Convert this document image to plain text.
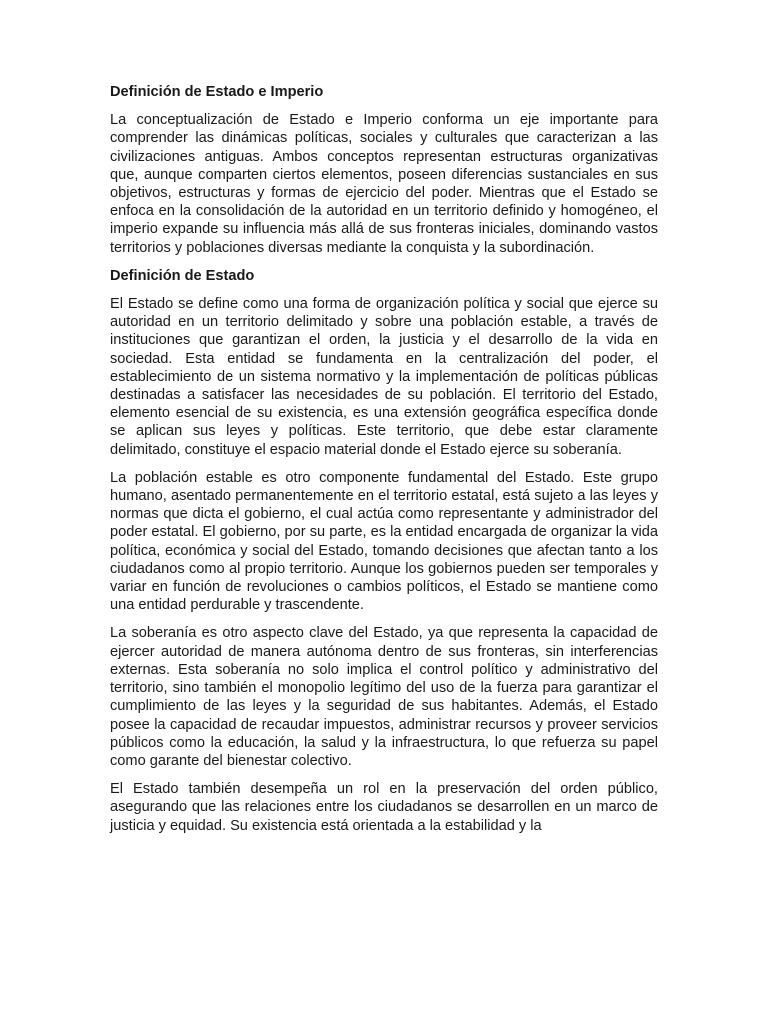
Definición de Estado e Imperio

La conceptualización de Estado e Imperio conforma un eje importante para comprender las dinámicas políticas, sociales y culturales que caracterizan a las civilizaciones antiguas. Ambos conceptos representan estructuras organizativas que, aunque comparten ciertos elementos, poseen diferencias sustanciales en sus objetivos, estructuras y formas de ejercicio del poder. Mientras que el Estado se enfoca en la consolidación de la autoridad en un territorio definido y homogéneo, el imperio expande su influencia más allá de sus fronteras iniciales, dominando vastos territorios y poblaciones diversas mediante la conquista y la subordinación.

Definición de Estado

El Estado se define como una forma de organización política y social que ejerce su autoridad en un territorio delimitado y sobre una población estable, a través de instituciones que garantizan el orden, la justicia y el desarrollo de la vida en sociedad. Esta entidad se fundamenta en la centralización del poder, el establecimiento de un sistema normativo y la implementación de políticas públicas destinadas a satisfacer las necesidades de su población. El territorio del Estado, elemento esencial de su existencia, es una extensión geográfica específica donde se aplican sus leyes y políticas. Este territorio, que debe estar claramente delimitado, constituye el espacio material donde el Estado ejerce su soberanía.

La población estable es otro componente fundamental del Estado. Este grupo humano, asentado permanentemente en el territorio estatal, está sujeto a las leyes y normas que dicta el gobierno, el cual actúa como representante y administrador del poder estatal. El gobierno, por su parte, es la entidad encargada de organizar la vida política, económica y social del Estado, tomando decisiones que afectan tanto a los ciudadanos como al propio territorio. Aunque los gobiernos pueden ser temporales y variar en función de revoluciones o cambios políticos, el Estado se mantiene como una entidad perdurable y trascendente.

La soberanía es otro aspecto clave del Estado, ya que representa la capacidad de ejercer autoridad de manera autónoma dentro de sus fronteras, sin interferencias externas. Esta soberanía no solo implica el control político y administrativo del territorio, sino también el monopolio legítimo del uso de la fuerza para garantizar el cumplimiento de las leyes y la seguridad de sus habitantes. Además, el Estado posee la capacidad de recaudar impuestos, administrar recursos y proveer servicios públicos como la educación, la salud y la infraestructura, lo que refuerza su papel como garante del bienestar colectivo.

El Estado también desempeña un rol en la preservación del orden público, asegurando que las relaciones entre los ciudadanos se desarrollen en un marco de justicia y equidad. Su existencia está orientada a la estabilidad y la
